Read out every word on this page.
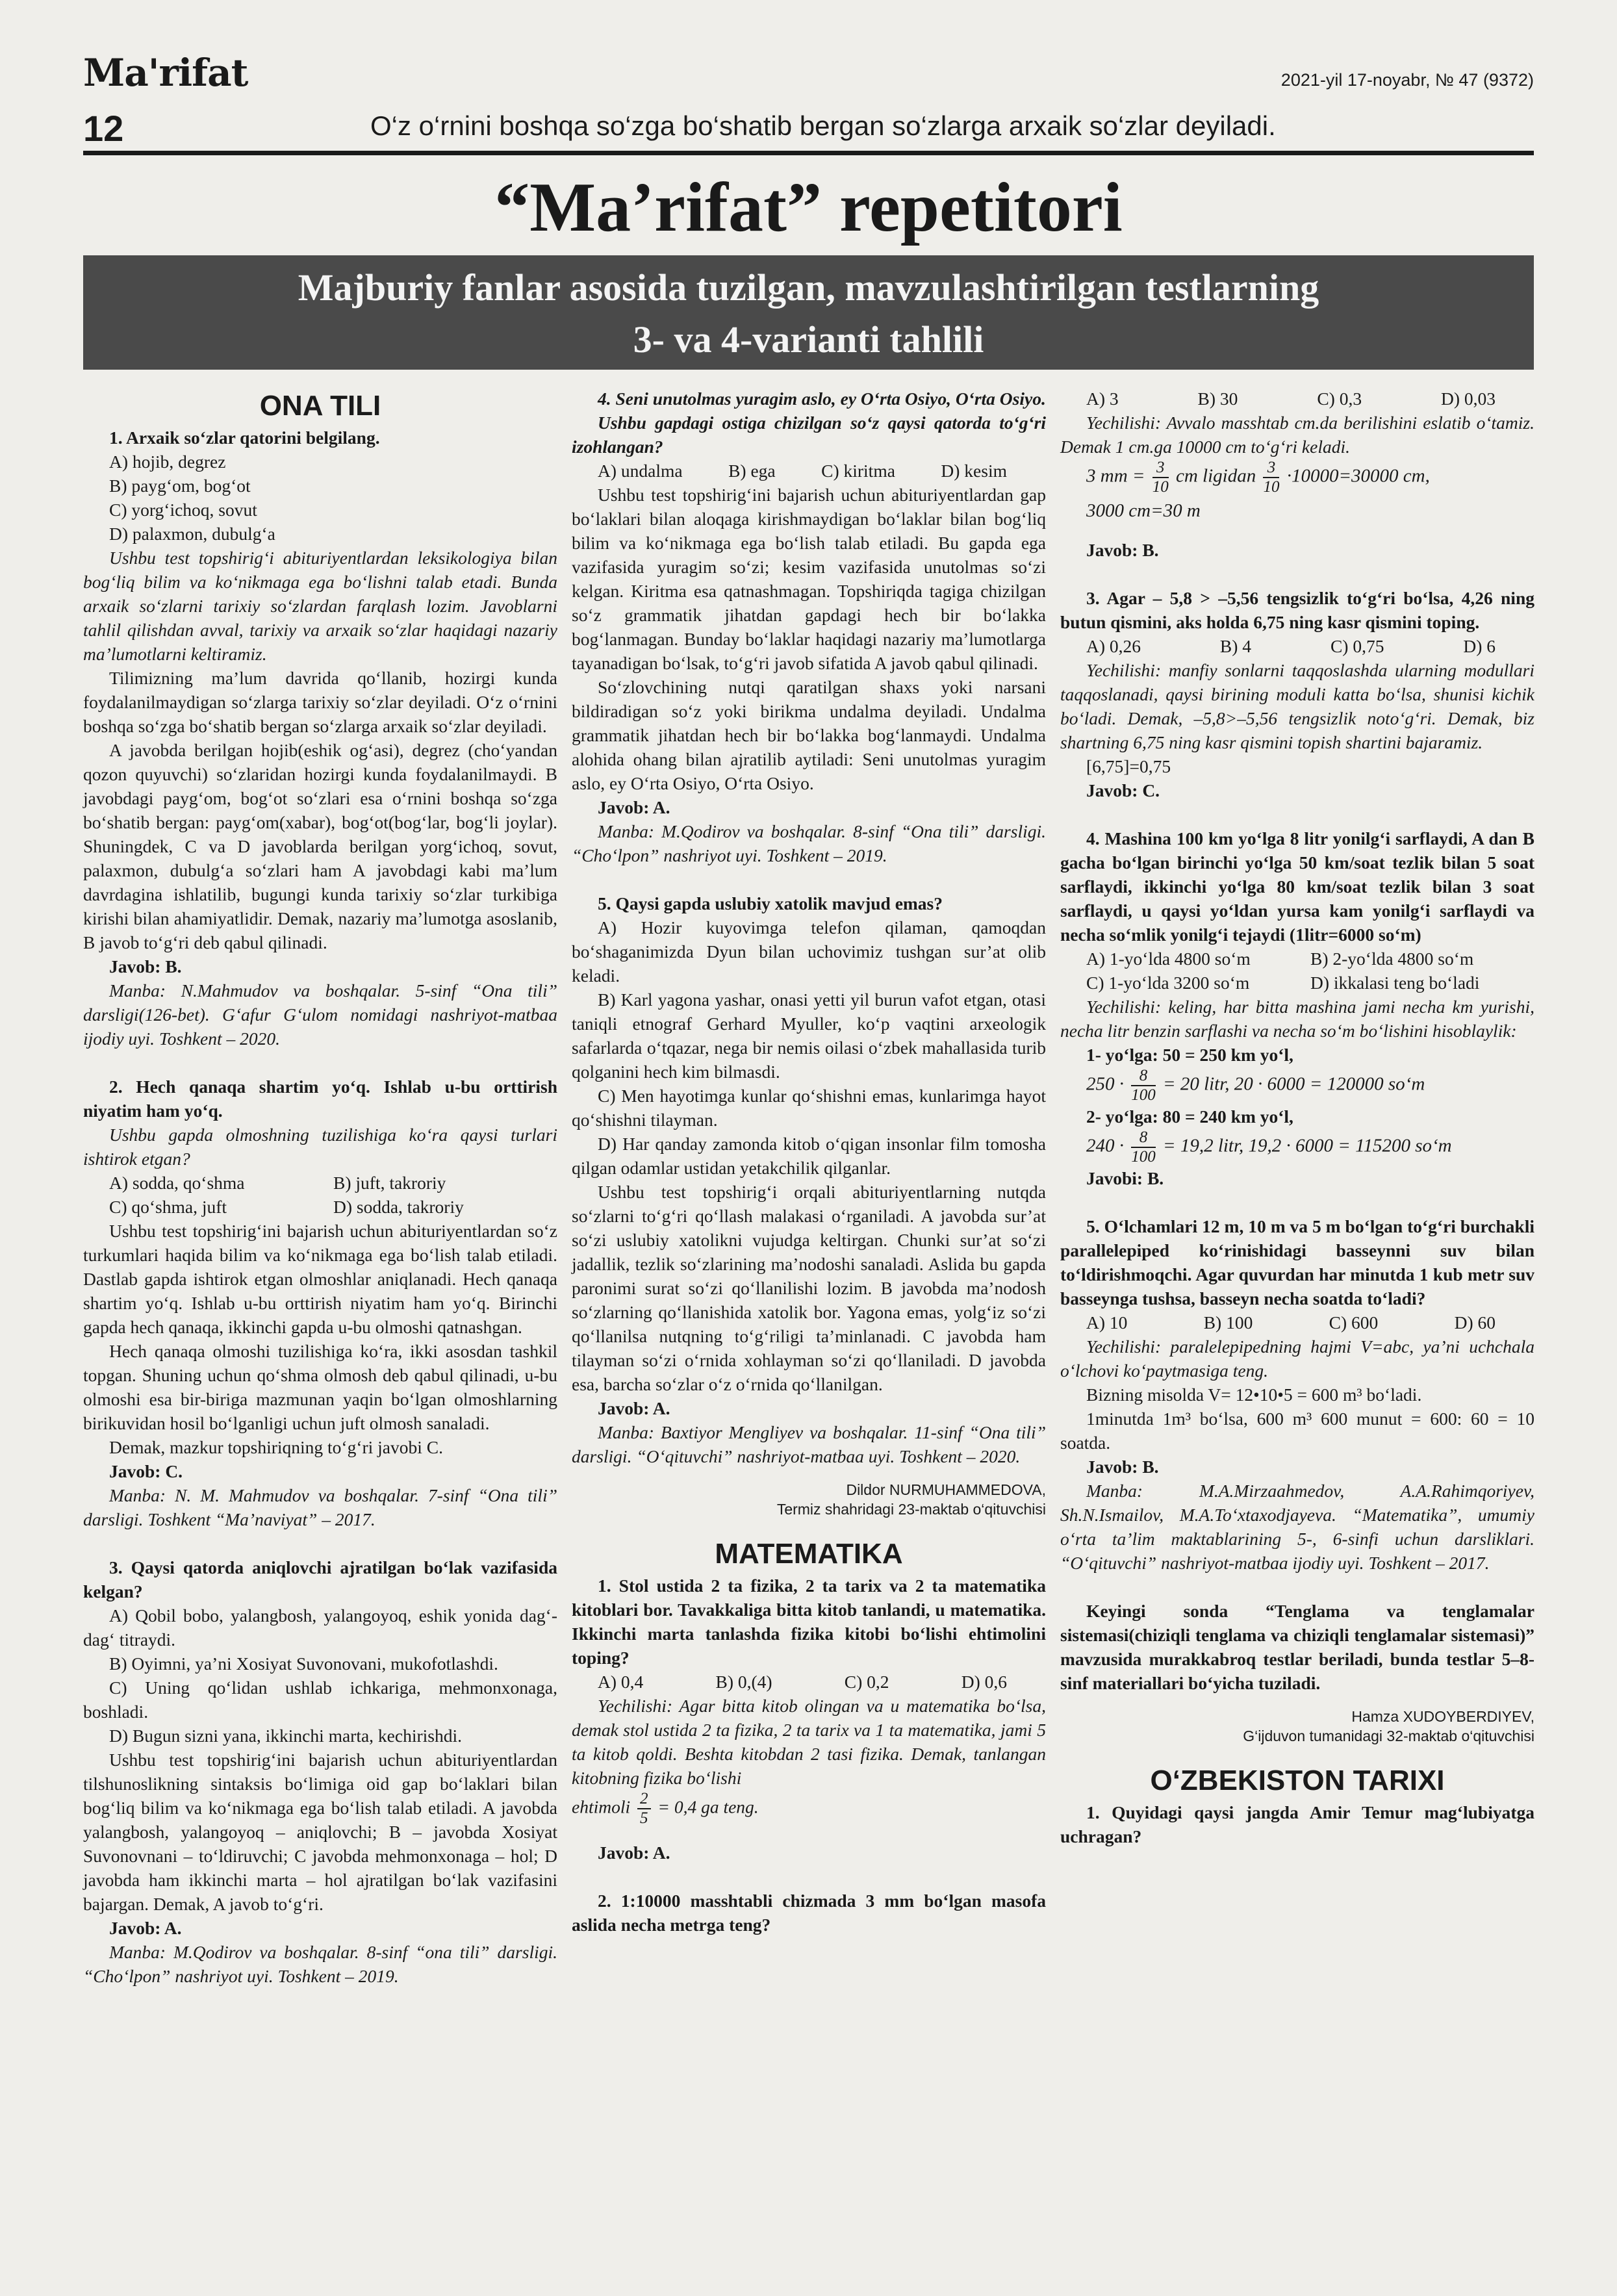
Ma'rifat	2021-yil 17-noyabr, № 47 (9372)
12	O‘z o‘rnini boshqa so‘zga bo‘shatib bergan so‘zlarga arxaik so‘zlar deyiladi.
“Ma’rifat” repetitori
Majburiy fanlar asosida tuzilgan, mavzulashtirilgan testlarning
3- va 4-varianti tahlili

ONA TILI

1. Arxaik so‘zlar qatorini belgilang.

A) hojib, degrez

B) payg‘om, bog‘ot

C) yorg‘ichoq, sovut

D) palaxmon, dubulg‘a

Ushbu test topshirig‘i abituriyentlardan leksikologiya bilan bog‘liq bilim va ko‘nikmaga ega bo‘lishni talab etadi. Bunda arxaik so‘zlarni tarixiy so‘zlardan farqlash lozim. Javoblarni tahlil qilishdan avval, tarixiy va arxaik so‘zlar haqidagi nazariy ma’lumotlarni keltiramiz.

Tilimizning ma’lum davrida qo‘llanib, hozirgi kunda foydalanilmaydigan so‘zlarga tarixiy so‘zlar deyiladi. O‘z o‘rnini boshqa so‘zga bo‘shatib bergan so‘zlarga arxaik so‘zlar deyiladi.

A javobda berilgan hojib(eshik og‘asi), degrez (cho‘yandan qozon quyuvchi) so‘zlaridan hozirgi kunda foydalanilmaydi. B javobdagi payg‘om, bog‘ot so‘zlari esa o‘rnini boshqa so‘zga bo‘shatib bergan: payg‘om(xabar), bog‘ot(bog‘lar, bog‘li joylar). Shuningdek, C va D javoblarda berilgan yorg‘ichoq, sovut, palaxmon, dubulg‘a so‘zlari ham A javobdagi kabi ma’lum davrdagina ishlatilib, bugungi kunda tarixiy so‘zlar turkibiga kirishi bilan ahamiyatlidir. Demak, nazariy ma’lumotga asoslanib, B javob to‘g‘ri deb qabul qilinadi.

Javob: B.

Manba: N.Mahmudov va boshqalar. 5-sinf “Ona tili” darsligi(126-bet). G‘afur G‘ulom nomidagi nashriyot-matbaa ijodiy uyi. Toshkent – 2020.

2. Hech qanaqa shartim yo‘q. Ishlab u-bu orttirish niyatim ham yo‘q.

Ushbu gapda olmoshning tuzilishiga ko‘ra qaysi turlari ishtirok etgan?

A) sodda, qo‘shma	B) juft, takroriy
C) qo‘shma, juft	D) sodda, takroriy

Ushbu test topshirig‘ini bajarish uchun abituriyentlardan so‘z turkumlari haqida bilim va ko‘nikmaga ega bo‘lish talab etiladi. Dastlab gapda ishtirok etgan olmoshlar aniqlanadi. Hech qanaqa shartim yo‘q. Ishlab u-bu orttirish niyatim ham yo‘q. Birinchi gapda hech qanaqa, ikkinchi gapda u-bu olmoshi qatnashgan.

Hech qanaqa olmoshi tuzilishiga ko‘ra, ikki asosdan tashkil topgan. Shuning uchun qo‘shma olmosh deb qabul qilinadi, u-bu olmoshi esa bir-biriga mazmunan yaqin bo‘lgan olmoshlarning birikuvidan hosil bo‘lganligi uchun juft olmosh sanaladi.

Demak, mazkur topshiriqning to‘g‘ri javobi C.

Javob: C.

Manba: N. M. Mahmudov va boshqalar. 7-sinf “Ona tili” darsligi. Toshkent “Ma’naviyat” – 2017.

3. Qaysi qatorda aniqlovchi ajratilgan bo‘lak vazifasida kelgan?

A) Qobil bobo, yalangbosh, yalangoyoq, eshik yonida dag‘-dag‘ titraydi.

B) Oyimni, ya’ni Xosiyat Suvonovani, mukofotlashdi.

C) Uning qo‘lidan ushlab ichkariga, mehmonxonaga, boshladi.

D) Bugun sizni yana, ikkinchi marta, kechirishdi.

Ushbu test topshirig‘ini bajarish uchun abituriyentlardan tilshunoslikning sintaksis bo‘limiga oid gap bo‘laklari bilan bog‘liq bilim va ko‘nikmaga ega bo‘lish talab etiladi. A javobda yalangbosh, yalangoyoq – aniqlovchi; B – javobda Xosiyat Suvonovnani – to‘ldiruvchi; C javobda mehmonxonaga – hol; D javobda ham ikkinchi marta – hol ajratilgan bo‘lak vazifasini bajargan. Demak, A javob to‘g‘ri.

Javob: A.

Manba: M.Qodirov va boshqalar. 8-sinf “ona tili” darsligi. “Cho‘lpon” nashriyot uyi. Toshkent – 2019.

4. Seni unutolmas yuragim aslo, ey O‘rta Osiyo, O‘rta Osiyo.

Ushbu gapdagi ostiga chizilgan so‘z qaysi qatorda to‘g‘ri izohlangan?

A) undalma	B) ega	C) kiritma	D) kesim

Ushbu test topshirig‘ini bajarish uchun abituriyentlardan gap bo‘laklari bilan aloqaga kirishmaydigan bo‘laklar bilan bog‘liq bilim va ko‘nikmaga ega bo‘lish talab etiladi. Bu gapda ega vazifasida yuragim so‘zi; kesim vazifasida unutolmas so‘zi kelgan. Kiritma esa qatnashmagan. Topshiriqda tagiga chizilgan so‘z grammatik jihatdan gapdagi hech bir bo‘lakka bog‘lanmagan. Bunday bo‘laklar haqidagi nazariy ma’lumotlarga tayanadigan bo‘lsak, to‘g‘ri javob sifatida A javob qabul qilinadi.

So‘zlovchining nutqi qaratilgan shaxs yoki narsani bildiradigan so‘z yoki birikma undalma deyiladi. Undalma grammatik jihatdan hech bir bo‘lakka bog‘lanmaydi. Undalma alohida ohang bilan ajratilib aytiladi: Seni unutolmas yuragim aslo, ey O‘rta Osiyo, O‘rta Osiyo.

Javob: A.

Manba: M.Qodirov va boshqalar. 8-sinf “Ona tili” darsligi. “Cho‘lpon” nashriyot uyi. Toshkent – 2019.

5. Qaysi gapda uslubiy xatolik mavjud emas?

A) Hozir kuyovimga telefon qilaman, qamoqdan bo‘shaganimizda Dyun bilan uchovimiz tushgan sur’at olib keladi.

B) Karl yagona yashar, onasi yetti yil burun vafot etgan, otasi taniqli etnograf Gerhard Myuller, ko‘p vaqtini arxeologik safarlarda o‘tqazar, nega bir nemis oilasi o‘zbek mahallasida turib qolganini hech kim bilmasdi.

C) Men hayotimga kunlar qo‘shishni emas, kunlarimga hayot qo‘shishni tilayman.

D) Har qanday zamonda kitob o‘qigan insonlar film tomosha qilgan odamlar ustidan yetakchilik qilganlar.

Ushbu test topshirig‘i orqali abituriyentlarning nutqda so‘zlarni to‘g‘ri qo‘llash malakasi o‘rganiladi. A javobda sur’at so‘zi uslubiy xatolikni vujudga keltirgan. Chunki sur’at so‘zi jadallik, tezlik so‘zlarining ma’nodoshi sanaladi. Aslida bu gapda paronimi surat so‘zi qo‘llanilishi lozim. B javobda ma’nodosh so‘zlarning qo‘llanishida xatolik bor. Yagona emas, yolg‘iz so‘zi qo‘llanilsa nutqning to‘g‘riligi ta’minlanadi. C javobda ham tilayman so‘zi o‘rnida xohlayman so‘zi qo‘llaniladi. D javobda esa, barcha so‘zlar o‘z o‘rnida qo‘llanilgan.

Javob: A.

Manba: Baxtiyor Mengliyev va boshqalar. 11-sinf “Ona tili” darsligi. “O‘qituvchi” nashriyot-matbaa uyi. Toshkent – 2020.

Dildor NURMUHAMMEDOVA,

Termiz shahridagi 23-maktab o‘qituvchisi

MATEMATIKA

1. Stol ustida 2 ta fizika, 2 ta tarix va 2 ta matematika kitoblari bor. Tavakkaliga bitta kitob tanlandi, u matematika. Ikkinchi marta tanlashda fizika kitobi bo‘lishi ehtimolini toping?

A) 0,4	B) 0,(4)	C) 0,2	D) 0,6

Yechilishi: Agar bitta kitob olingan va u matematika bo‘lsa, demak stol ustida 2 ta fizika, 2 ta tarix va 1 ta matematika, jami 5 ta kitob qoldi. Beshta kitobdan 2 tasi fizika. Demak, tanlangan kitobning fizika bo‘lishi

ehtimoli $\frac{2}{5} = 0,4$ ga teng.

Javob: A.

2. 1:10000 masshtabli chizmada 3 mm bo‘lgan masofa aslida necha metrga teng?

A) 3	B) 30	C) 0,3	D) 0,03

Yechilishi: Avvalo masshtab cm.da berilishini eslatib o‘tamiz. Demak 1 cm.ga 10000 cm to‘g‘ri keladi.

3 mm = $\frac{3}{10}$ cm ligidan $\frac{3}{10} \cdot 10000=30000$ cm,

3000 cm=30 m

Javob: B.

3. Agar – 5,8 > –5,56 tengsizlik to‘g‘ri bo‘lsa, 4,26 ning butun qismini, aks holda 6,75 ning kasr qismini toping.

A) 0,26	B) 4	C) 0,75	D) 6

Yechilishi: manfiy sonlarni taqqoslashda ularning modullari taqqoslanadi, qaysi birining moduli katta bo‘lsa, shunisi kichik bo‘ladi. Demak, –5,8>–5,56 tengsizlik noto‘g‘ri. Demak, biz shartning 6,75 ning kasr qismini topish shartini bajaramiz.

[6,75]=0,75

Javob: C.

4. Mashina 100 km yo‘lga 8 litr yonilg‘i sarflaydi, A dan B gacha bo‘lgan birinchi yo‘lga 50 km/soat tezlik bilan 5 soat sarflaydi, ikkinchi yo‘lga 80 km/soat tezlik bilan 3 soat sarflaydi, u qaysi yo‘ldan yursa kam yonilg‘i sarflaydi va necha so‘mlik yonilg‘i tejaydi (1litr=6000 so‘m)

A) 1-yo‘lda 4800 so‘m	B) 2-yo‘lda 4800 so‘m
C) 1-yo‘lda 3200 so‘m	D) ikkalasi teng bo‘ladi

Yechilishi: keling, har bitta mashina jami necha km yurishi, necha litr benzin sarflashi va necha so‘m bo‘lishini hisoblaylik:

1- yo‘lga: 50 = 250 km yo‘l,

$250 \cdot \frac{8}{100} = 20$ litr, 20 · 6000 = 120000 so‘m

2- yo‘lga: 80 = 240 km yo‘l,

$240 \cdot \frac{8}{100} = 19,2$ litr, 19,2 · 6000 = 115200 so‘m

Javobi: B.

5. O‘lchamlari 12 m, 10 m va 5 m bo‘lgan to‘g‘ri burchakli parallelepiped ko‘rinishidagi basseynni suv bilan to‘ldirishmoqchi. Agar quvurdan har minutda 1 kub metr suv basseynga tushsa, basseyn necha soatda to‘ladi?

A) 10	B) 100	C) 600	D) 60

Yechilishi: paralelepipedning hajmi V=abc, ya’ni uchchala o‘lchovi ko‘paytmasiga teng.

Bizning misolda V= 12•10•5 = 600 m³ bo‘ladi.

1minutda 1m³ bo‘lsa, 600 m³ 600 munut = 600: 60 = 10 soatda.

Javob: B.

Manba: M.A.Mirzaahmedov, A.A.Rahimqoriyev, Sh.N.Ismailov, M.A.To‘xtaxodjayeva. “Matematika”, umumiy o‘rta ta’lim maktablarining 5-, 6-sinfi uchun darsliklari. “O‘qituvchi” nashriyot-matbaa ijodiy uyi. Toshkent – 2017.

Keyingi sonda “Tenglama va tenglamalar sistemasi(chiziqli tenglama va chiziqli tenglamalar sistemasi)” mavzusida murakkabroq testlar beriladi, bunda testlar 5–8-sinf materiallari bo‘yicha tuziladi.

Hamza XUDOYBERDIYEV,

G‘ijduvon tumanidagi 32-maktab o‘qituvchisi

O‘ZBEKISTON TARIXI

1. Quyidagi qaysi jangda Amir Temur mag‘lubiyatga uchragan?
